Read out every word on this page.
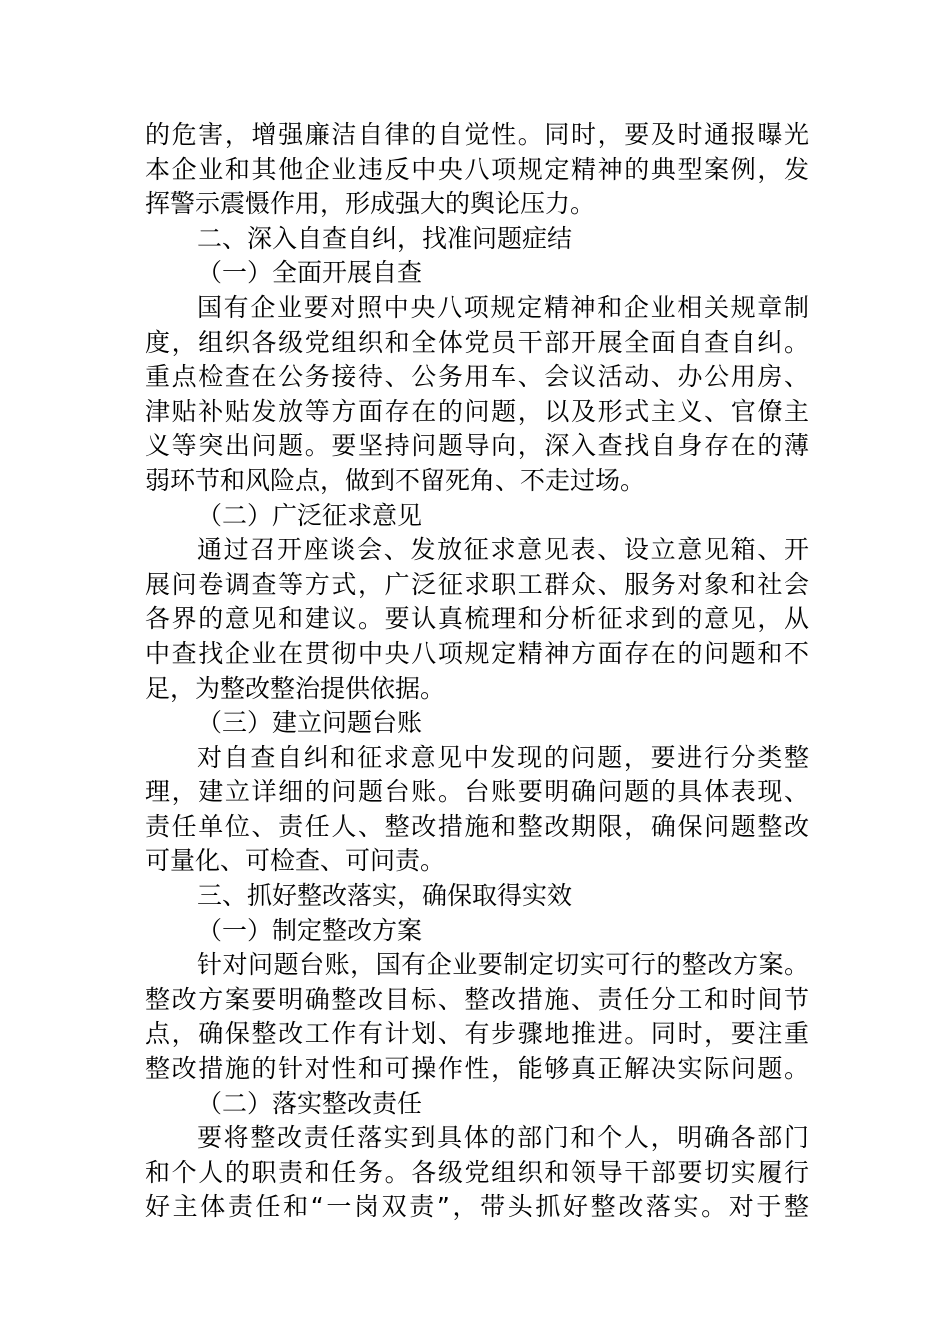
的危害，增强廉洁自律的自觉性。同时，要及时通报曝光
本企业和其他企业违反中央八项规定精神的典型案例，发
挥警示震慑作用，形成强大的舆论压力。
二、深入自查自纠，找准问题症结
（一）全面开展自查
国有企业要对照中央八项规定精神和企业相关规章制
度，组织各级党组织和全体党员干部开展全面自查自纠。
重点检查在公务接待、公务用车、会议活动、办公用房、
津贴补贴发放等方面存在的问题，以及形式主义、官僚主
义等突出问题。要坚持问题导向，深入查找自身存在的薄
弱环节和风险点，做到不留死角、不走过场。
（二）广泛征求意见
通过召开座谈会、发放征求意见表、设立意见箱、开
展问卷调查等方式，广泛征求职工群众、服务对象和社会
各界的意见和建议。要认真梳理和分析征求到的意见，从
中查找企业在贯彻中央八项规定精神方面存在的问题和不
足，为整改整治提供依据。
（三）建立问题台账
对自查自纠和征求意见中发现的问题，要进行分类整
理，建立详细的问题台账。台账要明确问题的具体表现、
责任单位、责任人、整改措施和整改期限，确保问题整改
可量化、可检查、可问责。
三、抓好整改落实，确保取得实效
（一）制定整改方案
针对问题台账，国有企业要制定切实可行的整改方案。
整改方案要明确整改目标、整改措施、责任分工和时间节
点，确保整改工作有计划、有步骤地推进。同时，要注重
整改措施的针对性和可操作性，能够真正解决实际问题。
（二）落实整改责任
要将整改责任落实到具体的部门和个人，明确各部门
和个人的职责和任务。各级党组织和领导干部要切实履行
好主体责任和“一岗双责”，带头抓好整改落实。对于整
